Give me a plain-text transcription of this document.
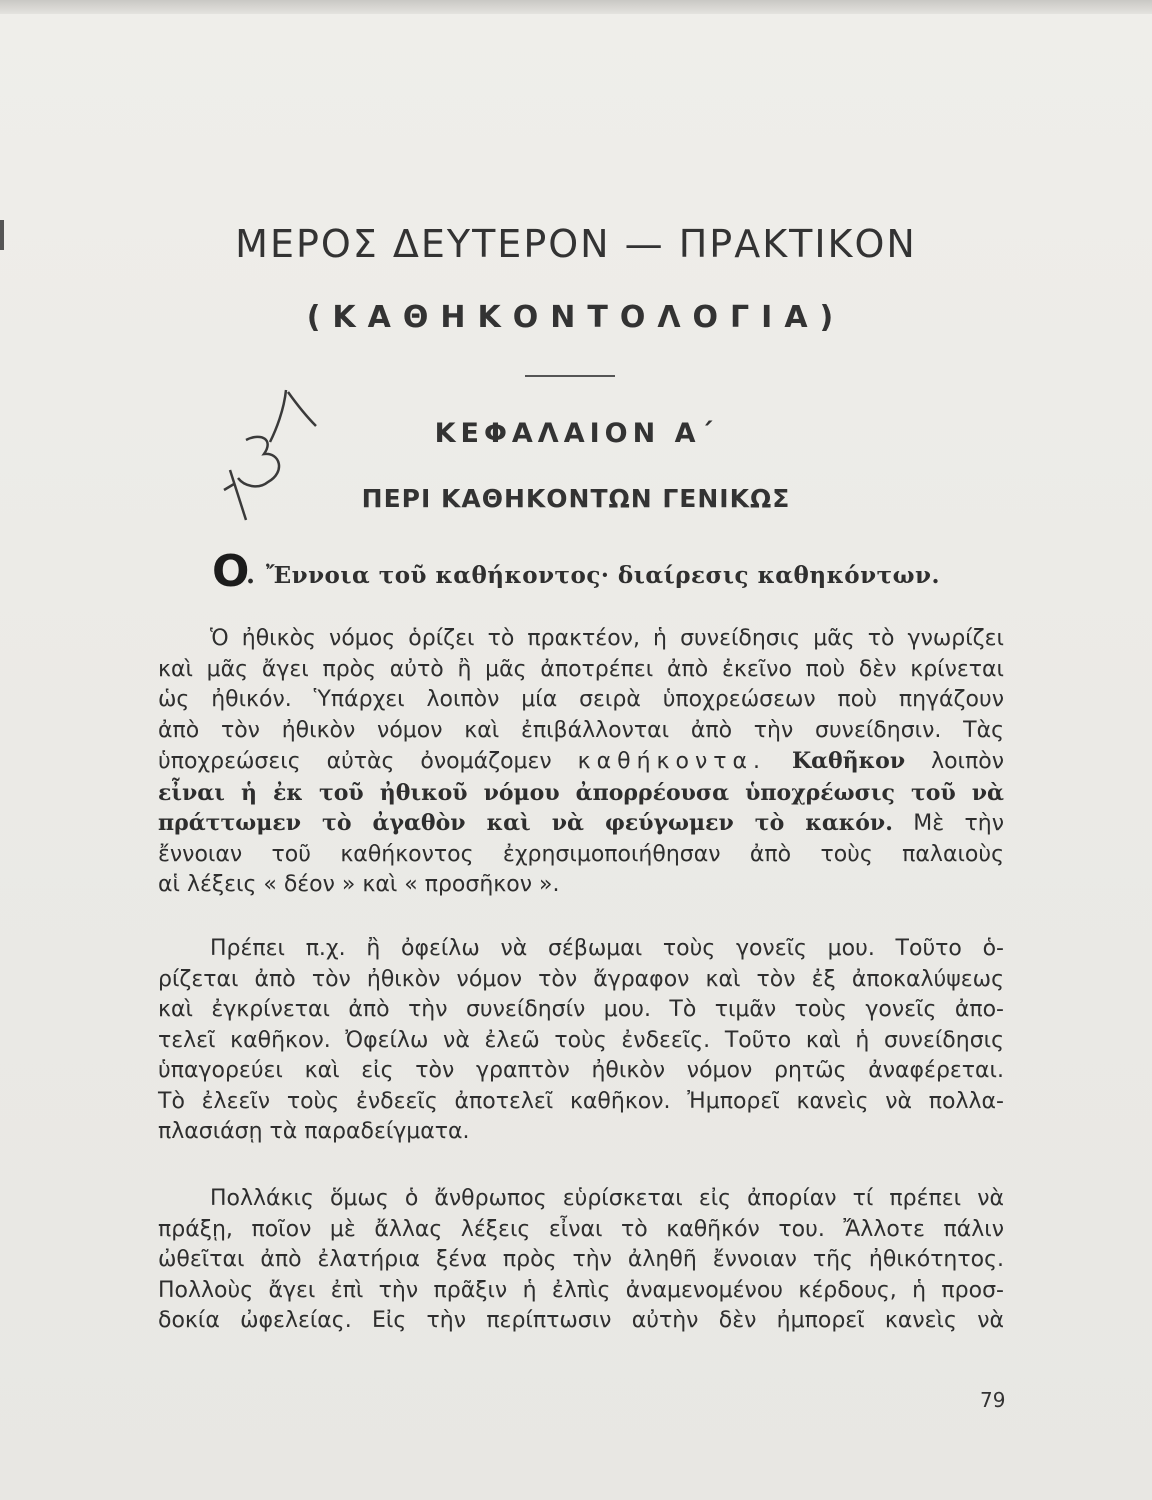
ΜΕΡΟΣ ΔΕΥΤΕΡΟΝ — ΠΡΑΚΤΙΚΟΝ
(ΚΑΘΗΚΟΝΤΟΛΟΓΙΑ)
ΚΕΦΑΛΑΙΟΝ Α΄
ΠΕΡΙ ΚΑΘΗΚΟΝΤΩΝ ΓΕΝΙΚΩΣ
Ο
. Ἔννοια τοῦ καθήκοντος· διαίρεσις καθηκόντων.

Ὁ ἠθικὸς νόμος ὁρίζει τὸ πρακτέον, ἡ συνείδησις μᾶς τὸ γνωρίζει
καὶ μᾶς ἄγει πρὸς αὐτὸ ἢ μᾶς ἀποτρέπει ἀπὸ ἐκεῖνο ποὺ δὲν κρίνεται
ὡς ἠθικόν. Ὑπάρχει λοιπὸν μία σειρὰ ὑποχρεώσεων ποὺ πηγάζουν
ἀπὸ τὸν ἠθικὸν νόμον καὶ ἐπιβάλλονται ἀπὸ τὴν συνείδησιν. Τὰς
ὑποχρεώσεις αὐτὰς ὀνομάζομεν καθήκοντα. Καθῆκον λοιπὸν
εἶναι ἡ ἐκ τοῦ ἠθικοῦ νόμου ἀπορρέουσα ὑποχρέωσις τοῦ νὰ
πράττωμεν τὸ ἀγαθὸν καὶ νὰ φεύγωμεν τὸ κακόν. Μὲ τὴν
ἔννοιαν τοῦ καθήκοντος ἐχρησιμοποιήθησαν ἀπὸ τοὺς παλαιοὺς
αἱ λέξεις « δέον » καὶ « προσῆκον ».

Πρέπει π.χ. ἢ ὀφείλω νὰ σέβωμαι τοὺς γονεῖς μου. Τοῦτο ὁ-
ρίζεται ἀπὸ τὸν ἠθικὸν νόμον τὸν ἄγραφον καὶ τὸν ἐξ ἀποκαλύψεως
καὶ ἐγκρίνεται ἀπὸ τὴν συνείδησίν μου. Τὸ τιμᾶν τοὺς γονεῖς ἀπο-
τελεῖ καθῆκον. Ὀφείλω νὰ ἐλεῶ τοὺς ἐνδεεῖς. Τοῦτο καὶ ἡ συνείδησις
ὑπαγορεύει καὶ εἰς τὸν γραπτὸν ἠθικὸν νόμον ρητῶς ἀναφέρεται.
Τὸ ἐλεεῖν τοὺς ἐνδεεῖς ἀποτελεῖ καθῆκον. Ἠμπορεῖ κανεὶς νὰ πολλα-
πλασιάσῃ τὰ παραδείγματα.

Πολλάκις ὅμως ὁ ἄνθρωπος εὑρίσκεται εἰς ἀπορίαν τί πρέπει νὰ
πράξῃ, ποῖον μὲ ἄλλας λέξεις εἶναι τὸ καθῆκόν του. Ἄλλοτε πάλιν
ὠθεῖται ἀπὸ ἐλατήρια ξένα πρὸς τὴν ἀληθῆ ἔννοιαν τῆς ἠθικότητος.
Πολλοὺς ἄγει ἐπὶ τὴν πρᾶξιν ἡ ἐλπὶς ἀναμενομένου κέρδους, ἡ προσ-
δοκία ὠφελείας. Εἰς τὴν περίπτωσιν αὐτὴν δὲν ἠμπορεῖ κανεὶς νὰ

79
